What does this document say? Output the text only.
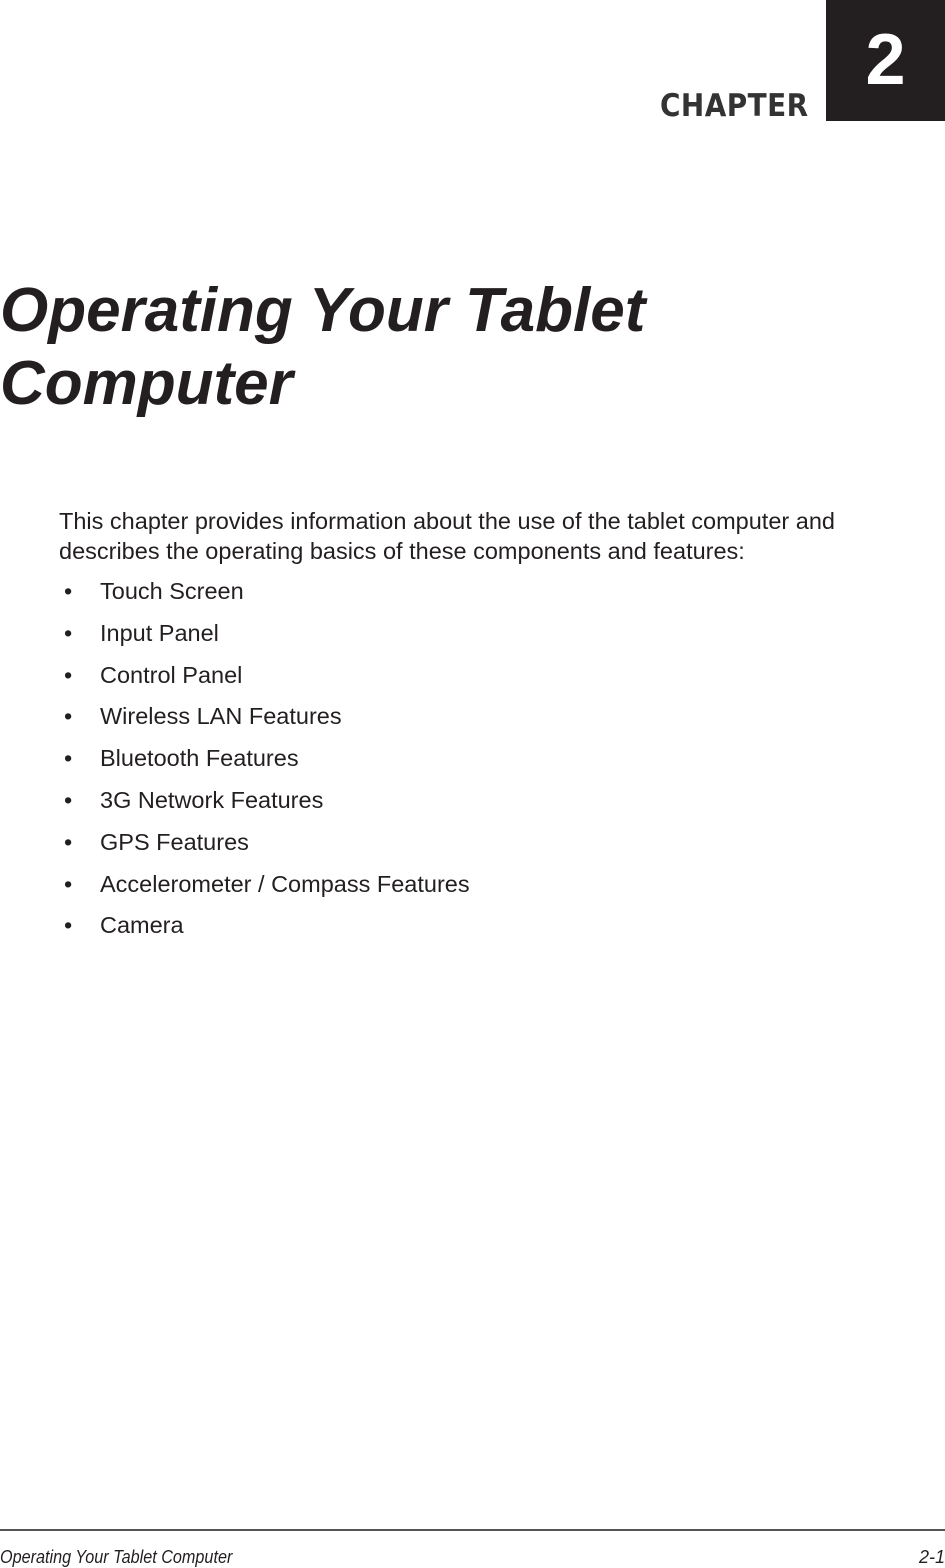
CHAPTER
2
Operating Your Tablet
Computer

This chapter provides information about the use of the tablet computer and describes the operating basics of these components and features:

• Touch Screen
• Input Panel
• Control Panel
• Wireless LAN Features
• Bluetooth Features
• 3G Network Features
• GPS Features
• Accelerometer / Compass Features
• Camera
Operating Your Tablet Computer	2-1
